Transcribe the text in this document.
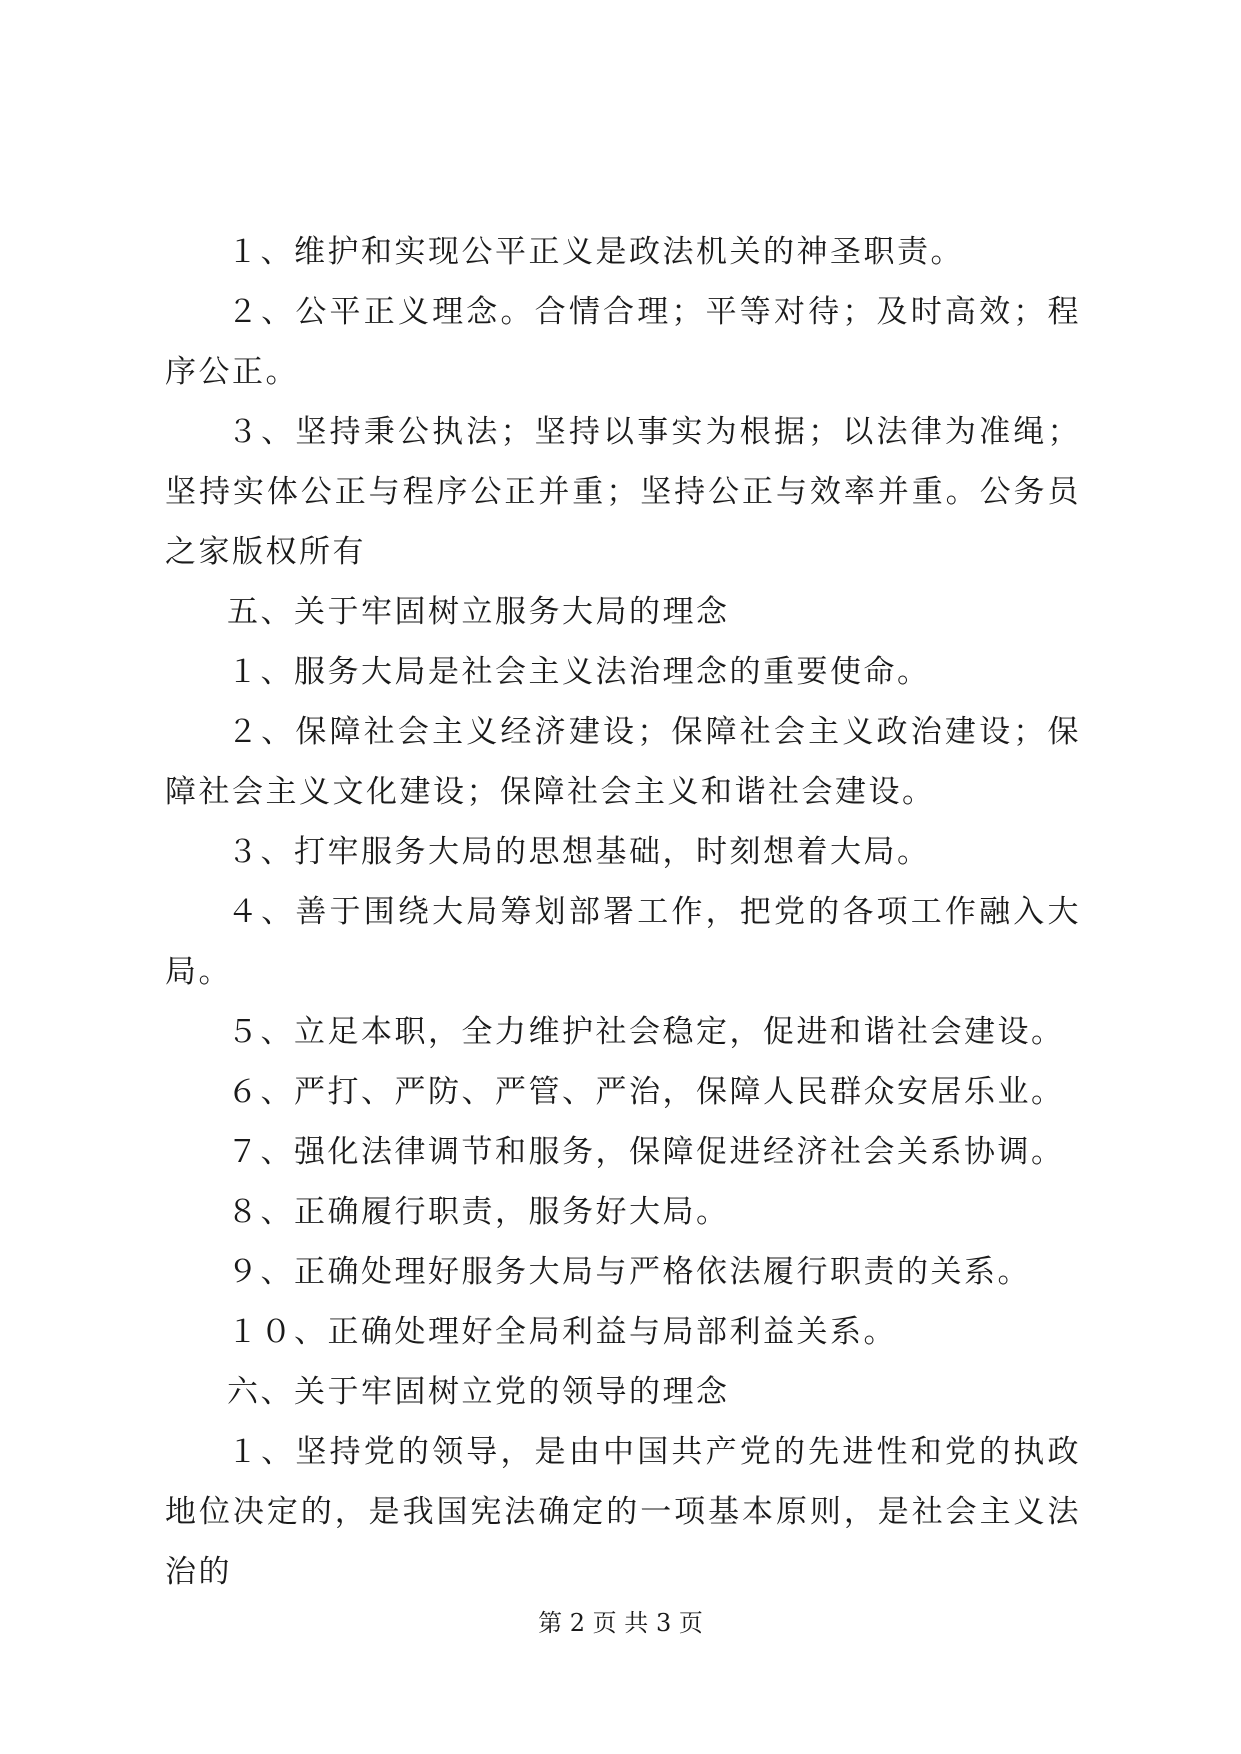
１、维护和实现公平正义是政法机关的神圣职责。

２、公平正义理念。合情合理；平等对待；及时高效；程序公正。

３、坚持秉公执法；坚持以事实为根据；以法律为准绳；坚持实体公正与程序公正并重；坚持公正与效率并重。公务员之家版权所有

五、关于牢固树立服务大局的理念

１、服务大局是社会主义法治理念的重要使命。

２、保障社会主义经济建设；保障社会主义政治建设；保障社会主义文化建设；保障社会主义和谐社会建设。

３、打牢服务大局的思想基础，时刻想着大局。

４、善于围绕大局筹划部署工作，把党的各项工作融入大局。

５、立足本职，全力维护社会稳定，促进和谐社会建设。

６、严打、严防、严管、严治，保障人民群众安居乐业。

７、强化法律调节和服务，保障促进经济社会关系协调。

８、正确履行职责，服务好大局。

９、正确处理好服务大局与严格依法履行职责的关系。

１０、正确处理好全局利益与局部利益关系。

六、关于牢固树立党的领导的理念

１、坚持党的领导，是由中国共产党的先进性和党的执政地位决定的，是我国宪法确定的一项基本原则，是社会主义法治的

第 2 页 共 3 页
